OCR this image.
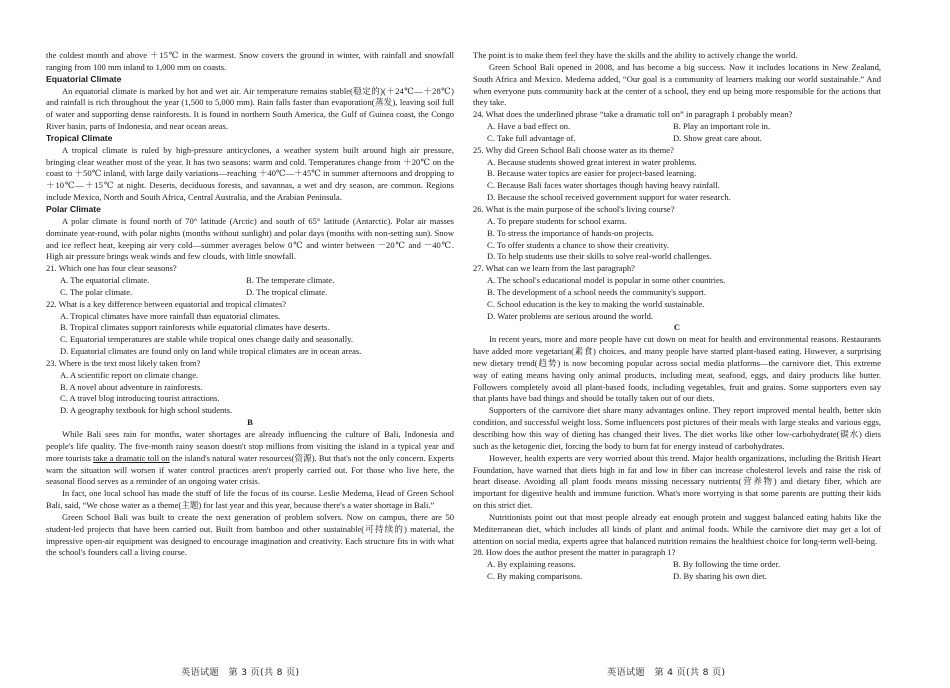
the coldest month and above ＋15℃ in the warmest. Snow covers the ground in winter, with rainfall and snowfall ranging from 100 mm inland to 1,000 mm on coasts.

Equatorial Climate

An equatorial climate is marked by hot and wet air. Air temperature remains stable(稳定的)(＋24℃—＋28℃) and rainfall is rich throughout the year (1,500 to 5,000 mm). Rain falls faster than evaporation(蒸发), leaving soil full of water and supporting dense rainforests. It is found in northern South America, the Gulf of Guinea coast, the Congo River basin, parts of Indonesia, and near ocean areas.

Tropical Climate

A tropical climate is ruled by high-pressure anticyclones, a weather system built around high air pressure, bringing clear weather most of the year. It has two seasons: warm and cold. Temperatures change from ＋20℃ on the coast to ＋50℃ inland, with large daily variations—reaching ＋40℃—＋45℃ in summer afternoons and dropping to ＋10℃—＋15℃ at night. Deserts, deciduous forests, and savannas, a wet and dry season, are common. Regions include Mexico, North and South Africa, Central Australia, and the Arabian Peninsula.

Polar Climate

A polar climate is found north of 70° latitude (Arctic) and south of 65° latitude (Antarctic). Polar air masses dominate year-round, with polar nights (months without sunlight) and polar days (months with non-setting sun). Snow and ice reflect heat, keeping air very cold—summer averages below 0℃ and winter between －20℃ and －40℃. High air pressure brings weak winds and few clouds, with little snowfall.

21. Which one has four clear seasons?

A. The equatorial climate.	B. The temperate climate.

C. The polar climate.	D. The tropical climate.

22. What is a key difference between equatorial and tropical climates?

A. Tropical climates have more rainfall than equatorial climates.

B. Tropical climates support rainforests while equatorial climates have deserts.

C. Equatorial temperatures are stable while tropical ones change daily and seasonally.

D. Equatorial climates are found only on land while tropical climates are in ocean areas.

23. Where is the text most likely taken from?

A. A scientific report on climate change.

B. A novel about adventure in rainforests.

C. A travel blog introducing tourist attractions.

D. A geography textbook for high school students.

B

While Bali sees rain for months, water shortages are already influencing the culture of Bali, Indonesia and people's life quality. The five-month rainy season doesn't stop millions from visiting the island in a typical year and more tourists take a dramatic toll on the island's natural water resources(资源). But that's not the only concern. Experts warn the situation will worsen if water control practices aren't properly carried out. For those who live here, the seasonal flood serves as a reminder of an ongoing water crisis.

In fact, one local school has made the stuff of life the focus of its course. Leslie Medema, Head of Green School Bali, said, “We chose water as a theme(主题) for last year and this year, because there's a water shortage in Bali.”

Green School Bali was built to create the next generation of problem solvers. Now on campus, there are 50 student-led projects that have been carried out. Built from bamboo and other sustainable(可持续的) material, the impressive open-air equipment was designed to encourage imagination and creativity. Each structure fits in with what the school's founders call a living course.

The point is to make them feel they have the skills and the ability to actively change the world.

Green School Bali opened in 2008, and has become a big success. Now it includes locations in New Zealand, South Africa and Mexico. Medema added, “Our goal is a community of learners making our world sustainable.” And when everyone puts community back at the center of a school, they end up being more responsible for the actions that they take.

24. What does the underlined phrase “take a dramatic toll on” in paragraph 1 probably mean?

A. Have a bad effect on.	B. Play an important role in.

C. Take full advantage of.	D. Show great care about.

25. Why did Green School Bali choose water as its theme?

A. Because students showed great interest in water problems.

B. Because water topics are easier for project-based learning.

C. Because Bali faces water shortages though having heavy rainfall.

D. Because the school received government support for water research.

26. What is the main purpose of the school's living course?

A. To prepare students for school exams.

B. To stress the importance of hands-on projects.

C. To offer students a chance to show their creativity.

D. To help students use their skills to solve real-world challenges.

27. What can we learn from the last paragraph?

A. The school's educational model is popular in some other countries.

B. The development of a school needs the community's support.

C. School education is the key to making the world sustainable.

D. Water problems are serious around the world.

C

In recent years, more and more people have cut down on meat for health and environmental reasons. Restaurants have added more vegetarian(素食) choices, and many people have started plant-based eating. However, a surprising new dietary trend(趋势) is now becoming popular across social media platforms—the carnivore diet. This extreme way of eating means having only animal products, including meat, seafood, eggs, and dairy products like butter. Followers completely avoid all plant-based foods, including vegetables, fruit and grains. Some supporters even say that plants have bad things and should be totally taken out of our diets.

Supporters of the carnivore diet share many advantages online. They report improved mental health, better skin condition, and successful weight loss. Some influencers post pictures of their meals with large steaks and various eggs, describing how this way of dieting has changed their lives. The diet works like other low-carbohydrate(碳水) diets such as the ketogenic diet, forcing the body to burn fat for energy instead of carbohydrates.

However, health experts are very worried about this trend. Major health organizations, including the British Heart Foundation, have warned that diets high in fat and low in fiber can increase cholesterol levels and raise the risk of heart disease. Avoiding all plant foods means missing necessary nutrients(营养物) and dietary fiber, which are important for digestive health and immune function. What's more worrying is that some parents are putting their kids on this strict diet.

Nutritionists point out that most people already eat enough protein and suggest balanced eating habits like the Mediterranean diet, which includes all kinds of plant and animal foods. While the carnivore diet may get a lot of attention on social media, experts agree that balanced nutrition remains the healthiest choice for long-term well-being.

28. How does the author present the matter in paragraph 1?

A. By explaining reasons.	B. By following the time order.

C. By making comparisons.	D. By sharing his own diet.

英语试题　第 3 页(共 8 页)	英语试题　第 4 页(共 8 页)
